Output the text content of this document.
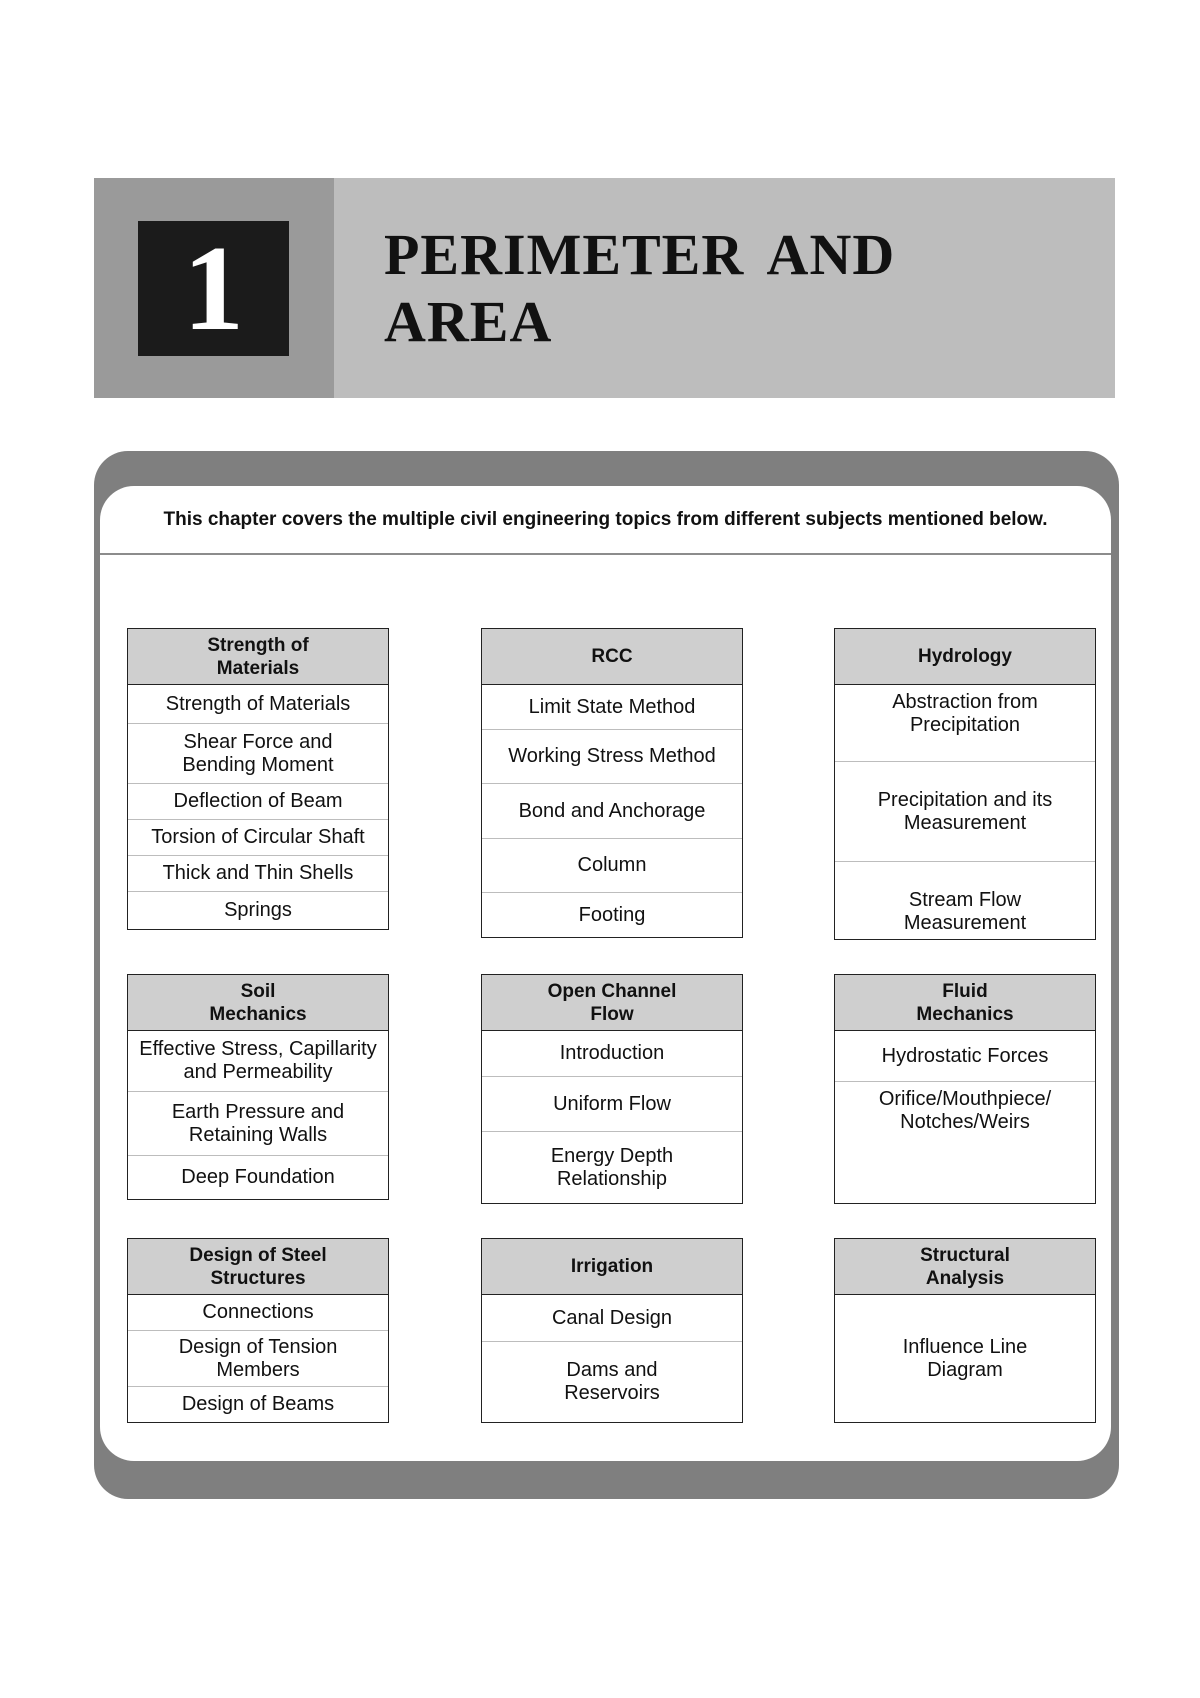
1	PERIMETER AND AREA
This chapter covers the multiple civil engineering topics from different subjects mentioned below.
Strength of
Materials
Strength of Materials
Shear Force and
Bending Moment
Deflection of Beam
Torsion of Circular Shaft
Thick and Thin Shells
Springs
RCC
Limit State Method
Working Stress Method
Bond and Anchorage
Column
Footing
Hydrology
Abstraction from
Precipitation
Precipitation and its
Measurement
Stream Flow
Measurement
Soil
Mechanics
Effective Stress, Capillarity
and Permeability
Earth Pressure and
Retaining Walls
Deep Foundation
Open Channel
Flow
Introduction
Uniform Flow
Energy Depth
Relationship
Fluid
Mechanics
Hydrostatic Forces
Orifice/Mouthpiece/
Notches/Weirs
Design of Steel
Structures
Connections
Design of Tension
Members
Design of Beams
Irrigation
Canal Design
Dams and
Reservoirs
Structural
Analysis
Influence Line
Diagram
